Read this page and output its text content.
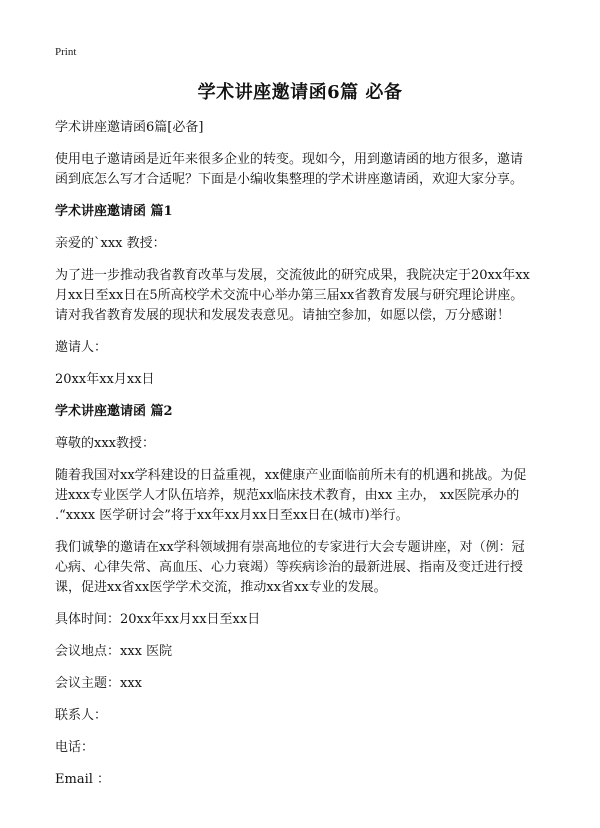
Print
学术讲座邀请函6篇 必备

学术讲座邀请函6篇[必备]

使用电子邀请函是近年来很多企业的转变。现如今，用到邀请函的地方很多，邀请
函到底怎么写才合适呢？下面是小编收集整理的学术讲座邀请函，欢迎大家分享。

学术讲座邀请函 篇1

亲爱的`xxx 教授：

为了进一步推动我省教育改革与发展，交流彼此的研究成果，我院决定于20xx年xx
月xx日至xx日在5所高校学术交流中心举办第三届xx省教育发展与研究理论讲座。
请对我省教育发展的现状和发展发表意见。请抽空参加，如愿以偿，万分感谢！

邀请人：

20xx年xx月xx日

学术讲座邀请函 篇2

尊敬的xxx教授：

随着我国对xx学科建设的日益重视，xx健康产业面临前所未有的机遇和挑战。为促
进xxx专业医学人才队伍培养，规范xx临床技术教育，由xx 主办， xx医院承办的
.“xxxx 医学研讨会”将于xx年xx月xx日至xx日在(城市)举行。

我们诚挚的邀请在xx学科领域拥有崇高地位的专家进行大会专题讲座，对（例：冠
心病、心律失常、高血压、心力衰竭）等疾病诊治的最新进展、指南及变迁进行授
课，促进xx省xx医学学术交流，推动xx省xx专业的发展。

具体时间：20xx年xx月xx日至xx日

会议地点：xxx 医院

会议主题：xxx

联系人：

电话：

Email ：
